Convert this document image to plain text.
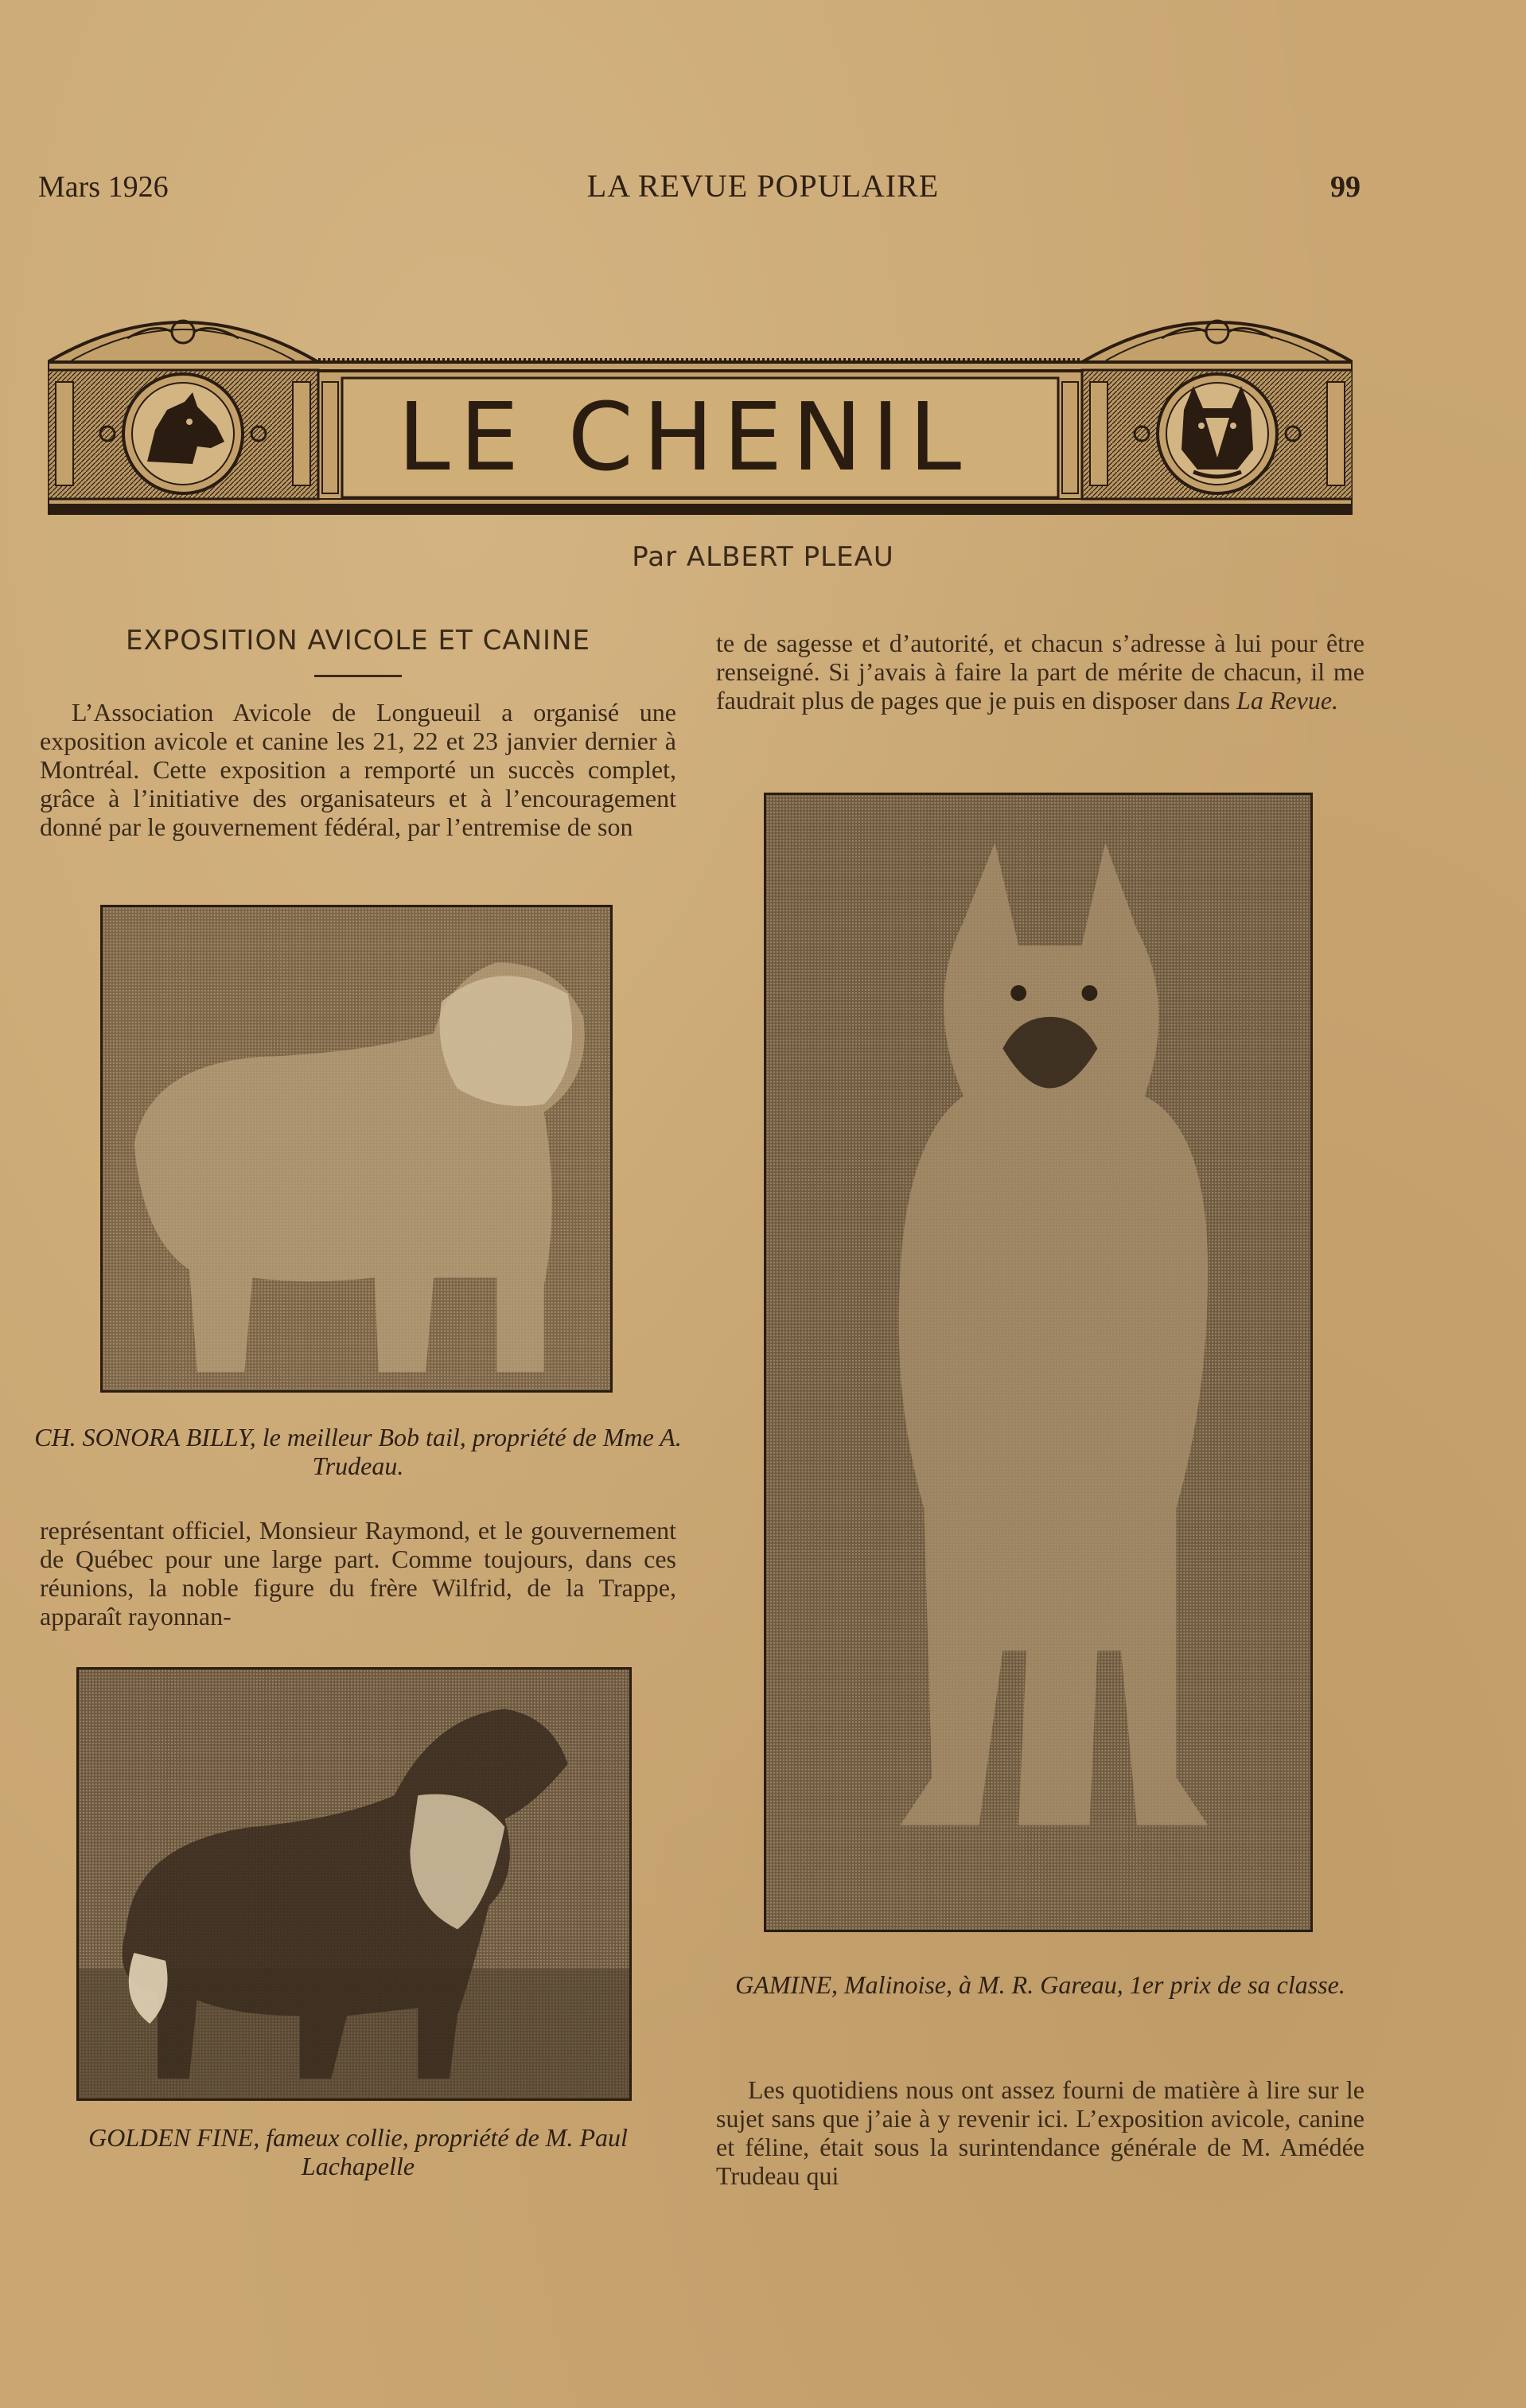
Mars 1926	LA REVUE POPULAIRE	99
LE CHENIL
Par ALBERT PLEAU
EXPOSITION AVICOLE ET CANINE

L’Association Avicole de Longueuil a organisé une exposition avicole et canine les 21, 22 et 23 janvier dernier à Montréal. Cette exposition a remporté un succès complet, grâce à l’initiative des organisateurs et à l’encouragement donné par le gouvernement fédéral, par l’entremise de son

CH. SONORA BILLY, le meilleur Bob tail, propriété de Mme A. Trudeau.

représentant officiel, Monsieur Raymond, et le gouvernement de Québec pour une large part. Comme toujours, dans ces réunions, la noble figure du frère Wilfrid, de la Trappe, apparaît rayonnan-

GOLDEN FINE, fameux collie, propriété de M. Paul Lachapelle

te de sagesse et d’autorité, et chacun s’adresse à lui pour être renseigné. Si j’avais à faire la part de mérite de chacun, il me faudrait plus de pages que je puis en disposer dans La Revue.

GAMINE, Malinoise, à M. R. Gareau, 1er prix de sa classe.

Les quotidiens nous ont assez fourni de matière à lire sur le sujet sans que j’aie à y revenir ici. L’exposition avicole, canine et féline, était sous la surintendance générale de M. Amédée Trudeau qui
